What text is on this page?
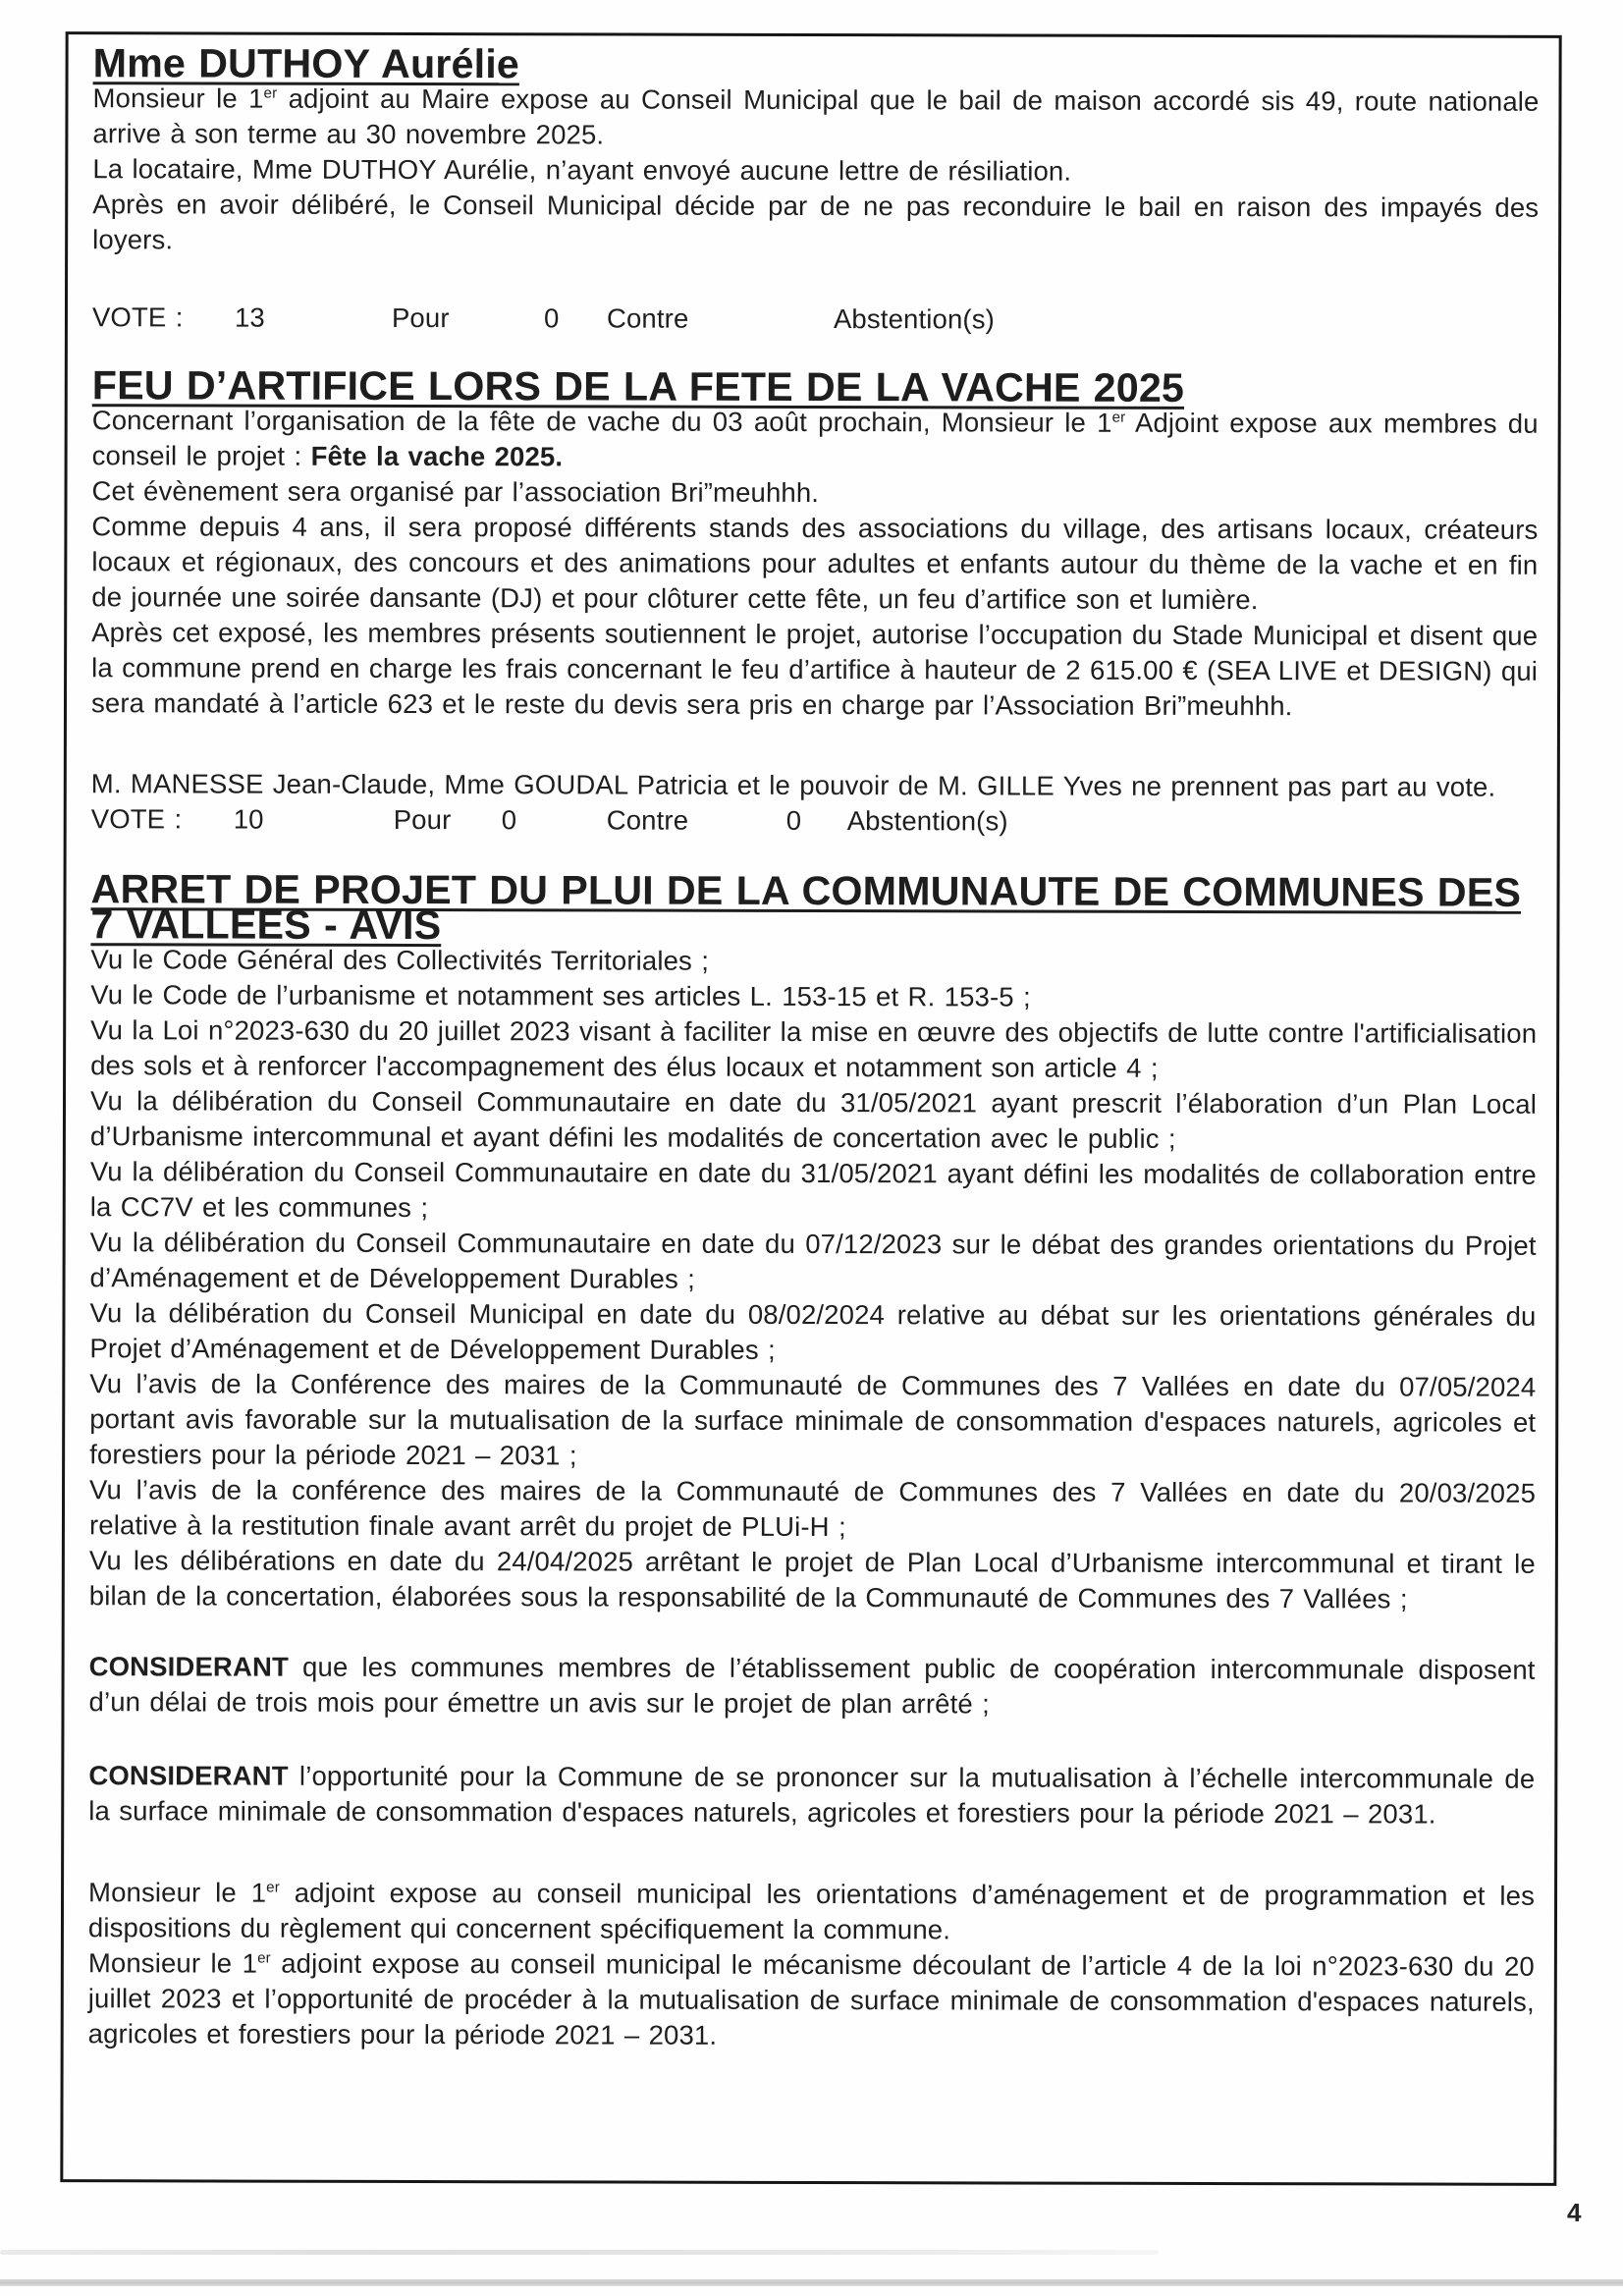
Mme DUTHOY Aurélie

Monsieur le 1er adjoint au Maire expose au Conseil Municipal que le bail de maison accordé sis 49, route nationale arrive à son terme au 30 novembre 2025.

La locataire, Mme DUTHOY Aurélie, n’ayant envoyé aucune lettre de résiliation.

Après en avoir délibéré, le Conseil Municipal décide par de ne pas reconduire le bail en raison des impayés des loyers.

VOTE : 13	Pour	0 Contre	Abstention(s)
FEU D’ARTIFICE LORS DE LA FETE DE LA VACHE 2025

Concernant l’organisation de la fête de vache du 03 août prochain, Monsieur le 1er Adjoint expose aux membres du conseil le projet : Fête la vache 2025.

Cet évènement sera organisé par l’association Bri”meuhhh.

Comme depuis 4 ans, il sera proposé différents stands des associations du village, des artisans locaux, créateurs locaux et régionaux, des concours et des animations pour adultes et enfants autour du thème de la vache et en fin de journée une soirée dansante (DJ) et pour clôturer cette fête, un feu d’artifice son et lumière.

Après cet exposé, les membres présents soutiennent le projet, autorise l’occupation du Stade Municipal et disent que la commune prend en charge les frais concernant le feu d’artifice à hauteur de 2 615.00 € (SEA LIVE et DESIGN) qui sera mandaté à l’article 623 et le reste du devis sera pris en charge par l’Association Bri”meuhhh.

M. MANESSE Jean-Claude, Mme GOUDAL Patricia et le pouvoir de M. GILLE Yves ne prennent pas part au vote.

VOTE : 10	Pour 0	Contre	0 Abstention(s)
ARRET DE PROJET DU PLUI DE LA COMMUNAUTE DE COMMUNES DES 7 VALLEES - AVIS

Vu le Code Général des Collectivités Territoriales ;

Vu le Code de l’urbanisme et notamment ses articles L. 153-15 et R. 153-5 ;

Vu la Loi n°2023-630 du 20 juillet 2023 visant à faciliter la mise en œuvre des objectifs de lutte contre l'artificialisation des sols et à renforcer l'accompagnement des élus locaux et notamment son article 4 ;

Vu la délibération du Conseil Communautaire en date du 31/05/2021 ayant prescrit l’élaboration d’un Plan Local d’Urbanisme intercommunal et ayant défini les modalités de concertation avec le public ;

Vu la délibération du Conseil Communautaire en date du 31/05/2021 ayant défini les modalités de collaboration entre la CC7V et les communes ;

Vu la délibération du Conseil Communautaire en date du 07/12/2023 sur le débat des grandes orientations du Projet d’Aménagement et de Développement Durables ;

Vu la délibération du Conseil Municipal en date du 08/02/2024 relative au débat sur les orientations générales du Projet d’Aménagement et de Développement Durables ;

Vu l’avis de la Conférence des maires de la Communauté de Communes des 7 Vallées en date du 07/05/2024 portant avis favorable sur la mutualisation de la surface minimale de consommation d'espaces naturels, agricoles et forestiers pour la période 2021 – 2031 ;

Vu l’avis de la conférence des maires de la Communauté de Communes des 7 Vallées en date du 20/03/2025 relative à la restitution finale avant arrêt du projet de PLUi-H ;

Vu les délibérations en date du 24/04/2025 arrêtant le projet de Plan Local d’Urbanisme intercommunal et tirant le bilan de la concertation, élaborées sous la responsabilité de la Communauté de Communes des 7 Vallées ;

CONSIDERANT que les communes membres de l’établissement public de coopération intercommunale disposent d’un délai de trois mois pour émettre un avis sur le projet de plan arrêté ;

CONSIDERANT l’opportunité pour la Commune de se prononcer sur la mutualisation à l’échelle intercommunale de la surface minimale de consommation d'espaces naturels, agricoles et forestiers pour la période 2021 – 2031.

Monsieur le 1er adjoint expose au conseil municipal les orientations d’aménagement et de programmation et les dispositions du règlement qui concernent spécifiquement la commune.

Monsieur le 1er adjoint expose au conseil municipal le mécanisme découlant de l’article 4 de la loi n°2023-630 du 20 juillet 2023 et l’opportunité de procéder à la mutualisation de surface minimale de consommation d'espaces naturels, agricoles et forestiers pour la période 2021 – 2031.

4
